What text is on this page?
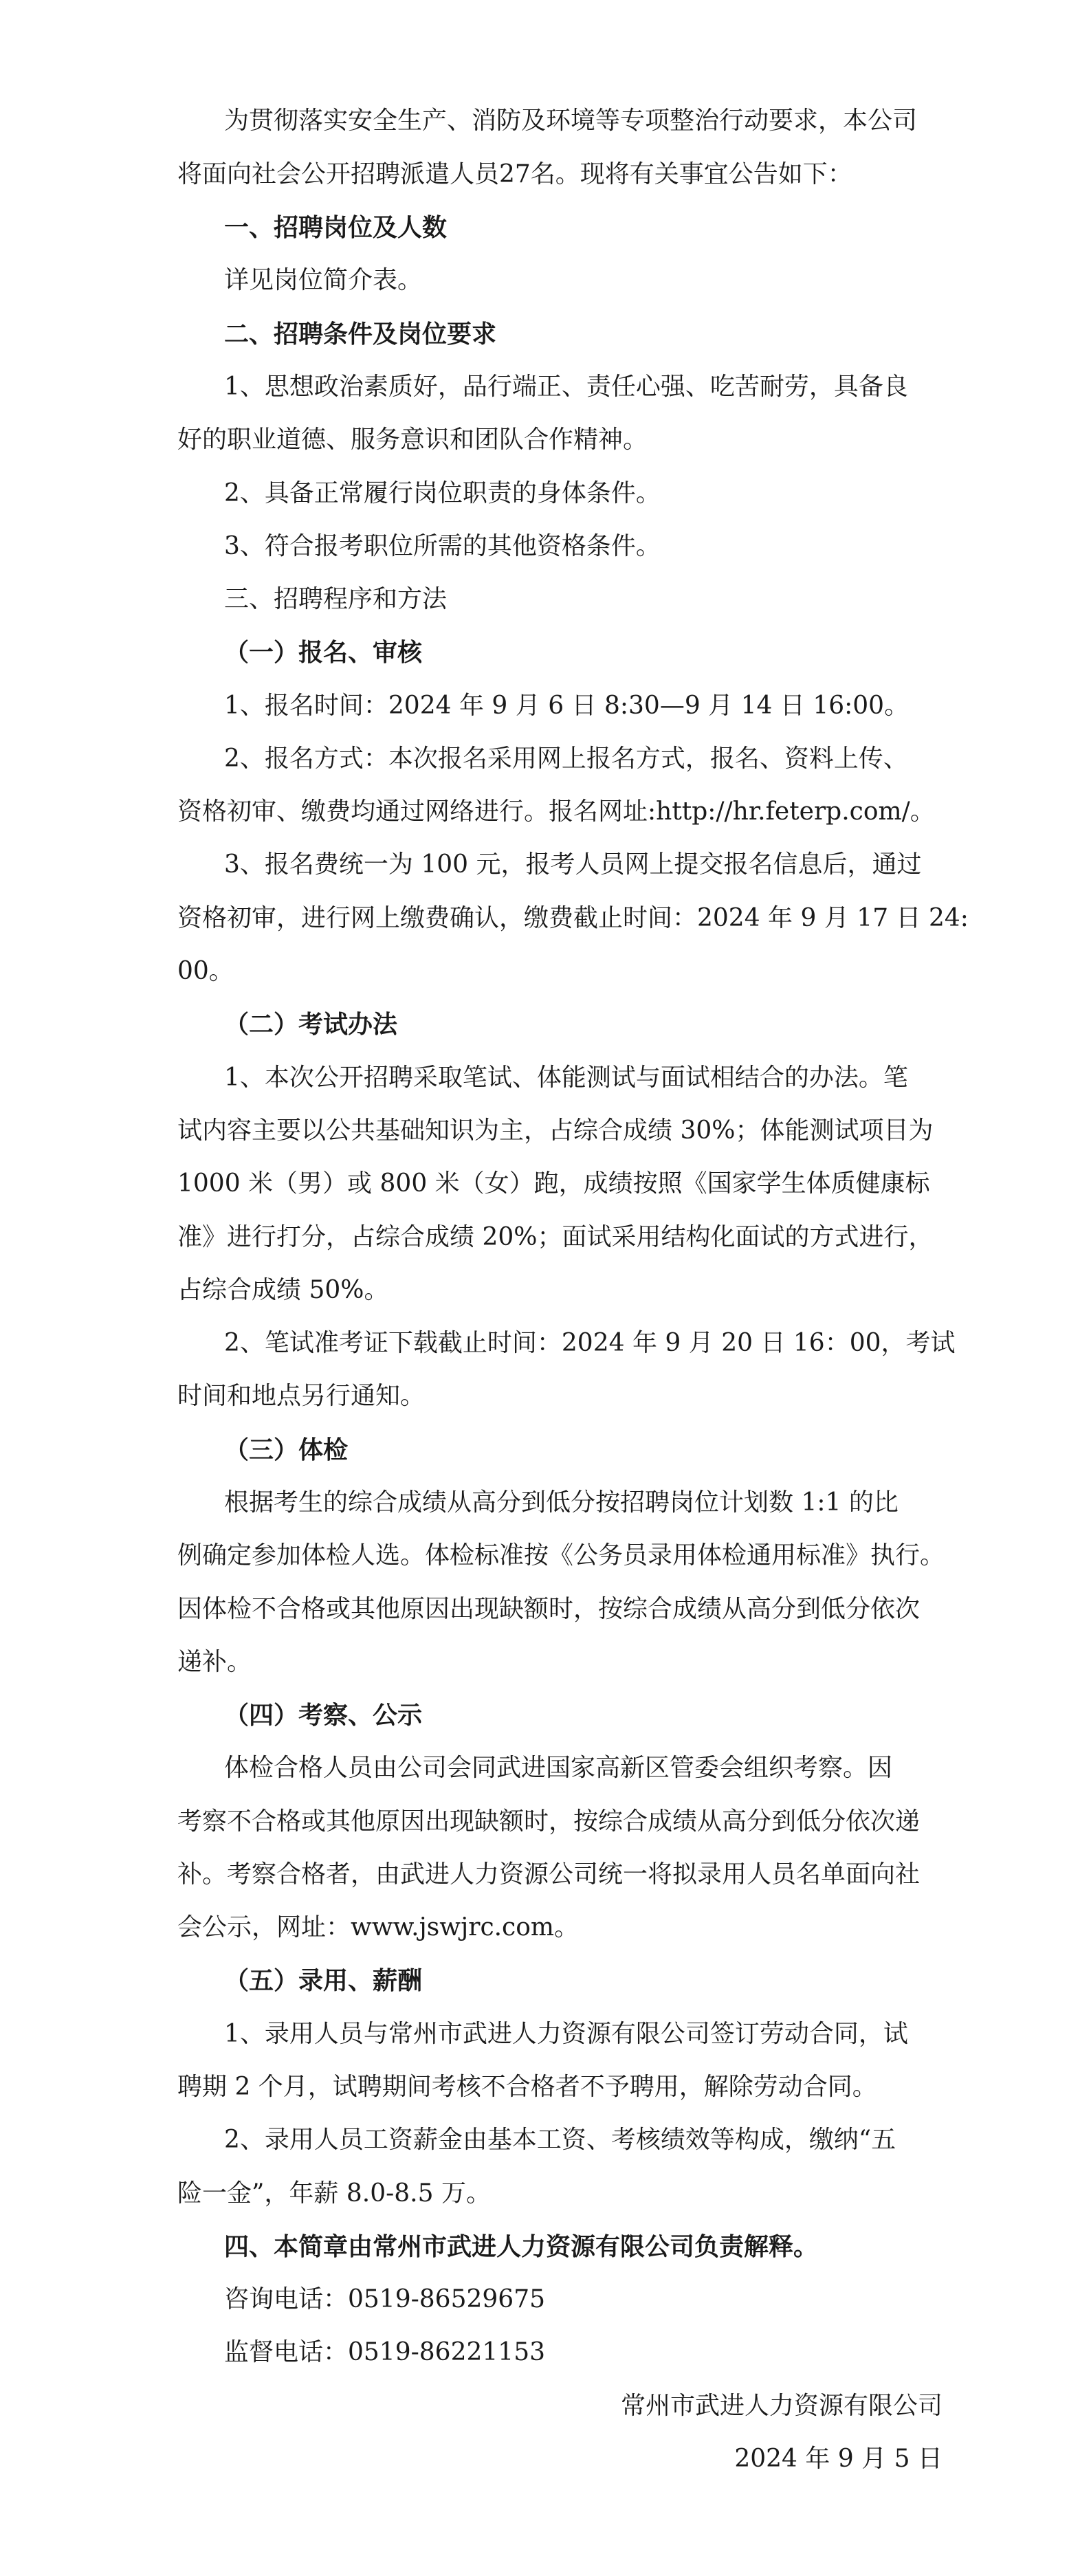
为贯彻落实安全生产、消防及环境等专项整治行动要求，本公司
将面向社会公开招聘派遣人员27名。现将有关事宜公告如下：
一、招聘岗位及人数
详见岗位简介表。
二、招聘条件及岗位要求
1、思想政治素质好，品行端正、责任心强、吃苦耐劳，具备良
好的职业道德、服务意识和团队合作精神。
2、具备正常履行岗位职责的身体条件。
3、符合报考职位所需的其他资格条件。
三、招聘程序和方法
（一）报名、审核
1、报名时间：2024 年 9 月 6 日 8:30—9 月 14 日 16:00。
2、报名方式：本次报名采用网上报名方式，报名、资料上传、
资格初审、缴费均通过网络进行。报名网址:http://hr.feterp.com/。
3、报名费统一为 100 元，报考人员网上提交报名信息后，通过
资格初审，进行网上缴费确认，缴费截止时间：2024 年 9 月 17 日 24:
00。
（二）考试办法
1、本次公开招聘采取笔试、体能测试与面试相结合的办法。笔
试内容主要以公共基础知识为主，占综合成绩 30%；体能测试项目为
1000 米（男）或 800 米（女）跑，成绩按照《国家学生体质健康标
准》进行打分，占综合成绩 20%；面试采用结构化面试的方式进行，
占综合成绩 50%。
2、笔试准考证下载截止时间：2024 年 9 月 20 日 16：00，考试
时间和地点另行通知。
（三）体检
根据考生的综合成绩从高分到低分按招聘岗位计划数 1:1 的比
例确定参加体检人选。体检标准按《公务员录用体检通用标准》执行。
因体检不合格或其他原因出现缺额时，按综合成绩从高分到低分依次
递补。
（四）考察、公示
体检合格人员由公司会同武进国家高新区管委会组织考察。因
考察不合格或其他原因出现缺额时，按综合成绩从高分到低分依次递
补。考察合格者，由武进人力资源公司统一将拟录用人员名单面向社
会公示，网址：www.jswjrc.com。
（五）录用、薪酬
1、录用人员与常州市武进人力资源有限公司签订劳动合同，试
聘期 2 个月，试聘期间考核不合格者不予聘用，解除劳动合同。
2、录用人员工资薪金由基本工资、考核绩效等构成，缴纳“五
险一金”，年薪 8.0-8.5 万。
四、本简章由常州市武进人力资源有限公司负责解释。
咨询电话：0519-86529675
监督电话：0519-86221153
常州市武进人力资源有限公司
2024 年 9 月 5 日
